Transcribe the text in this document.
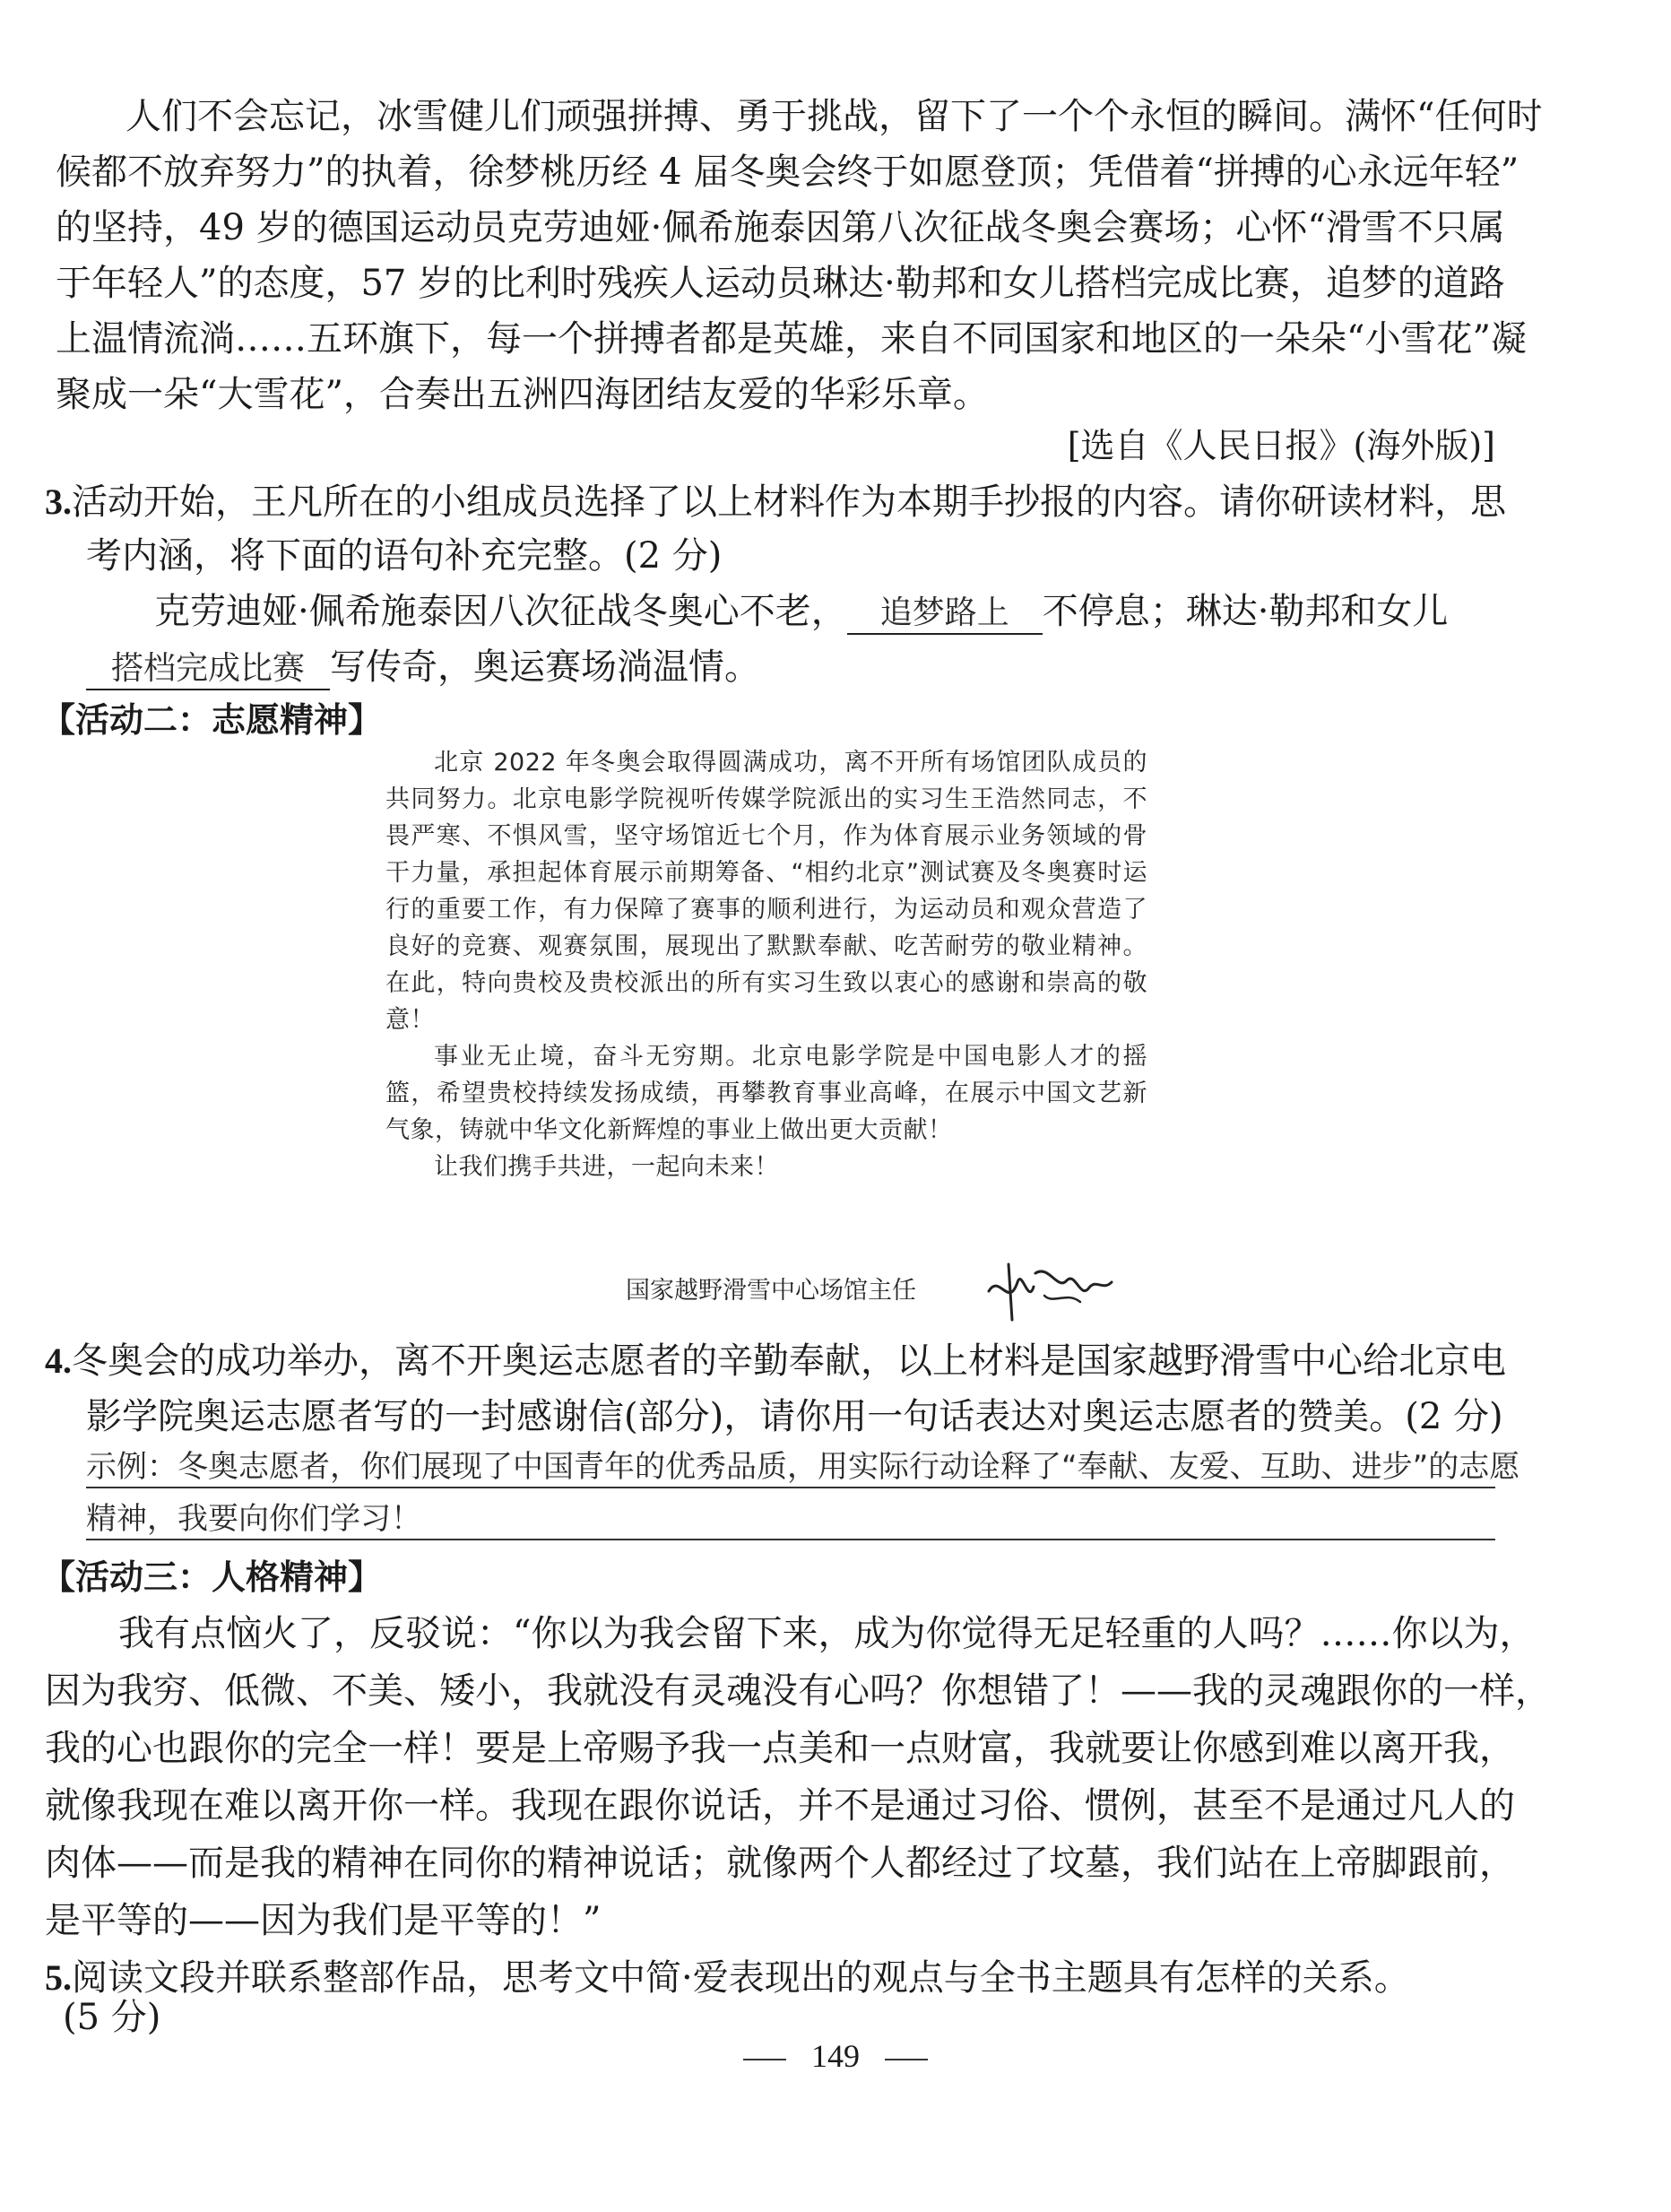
人们不会忘记，冰雪健儿们顽强拼搏、勇于挑战，留下了一个个永恒的瞬间。满怀“任何时
候都不放弃努力”的执着，徐梦桃历经 4 届冬奥会终于如愿登顶；凭借着“拼搏的心永远年轻”
的坚持，49 岁的德国运动员克劳迪娅·佩希施泰因第八次征战冬奥会赛场；心怀“滑雪不只属
于年轻人”的态度，57 岁的比利时残疾人运动员琳达·勒邦和女儿搭档完成比赛，追梦的道路
上温情流淌……五环旗下，每一个拼搏者都是英雄，来自不同国家和地区的一朵朵“小雪花”凝
聚成一朵“大雪花”，合奏出五洲四海团结友爱的华彩乐章。
[选自《人民日报》(海外版)]
3.活动开始，王凡所在的小组成员选择了以上材料作为本期手抄报的内容。请你研读材料，思
考内涵，将下面的语句补充完整。(2 分)
克劳迪娅·佩希施泰因八次征战冬奥心不老， 追梦路上 不停息；琳达·勒邦和女儿
搭档完成比赛 写传奇，奥运赛场淌温情。
【活动二：志愿精神】

北京 2022 年冬奥会取得圆满成功，离不开所有场馆团队成员的共同努力。北京电影学院视听传媒学院派出的实习生王浩然同志，不畏严寒、不惧风雪，坚守场馆近七个月，作为体育展示业务领域的骨干力量，承担起体育展示前期筹备、“相约北京”测试赛及冬奥赛时运行的重要工作，有力保障了赛事的顺利进行，为运动员和观众营造了良好的竞赛、观赛氛围，展现出了默默奉献、吃苦耐劳的敬业精神。在此，特向贵校及贵校派出的所有实习生致以衷心的感谢和崇高的敬意！

事业无止境，奋斗无穷期。北京电影学院是中国电影人才的摇篮，希望贵校持续发扬成绩，再攀教育事业高峰，在展示中国文艺新气象，铸就中华文化新辉煌的事业上做出更大贡献！

让我们携手共进，一起向未来！

国家越野滑雪中心场馆主任
4.冬奥会的成功举办，离不开奥运志愿者的辛勤奉献，以上材料是国家越野滑雪中心给北京电
影学院奥运志愿者写的一封感谢信(部分)，请你用一句话表达对奥运志愿者的赞美。(2 分)
示例：冬奥志愿者，你们展现了中国青年的优秀品质，用实际行动诠释了“奉献、友爱、互助、进步”的志愿
精神，我要向你们学习！
【活动三：人格精神】
我有点恼火了，反驳说：“你以为我会留下来，成为你觉得无足轻重的人吗？……你以为，
因为我穷、低微、不美、矮小，我就没有灵魂没有心吗？你想错了！——我的灵魂跟你的一样，
我的心也跟你的完全一样！要是上帝赐予我一点美和一点财富，我就要让你感到难以离开我，
就像我现在难以离开你一样。我现在跟你说话，并不是通过习俗、惯例，甚至不是通过凡人的
肉体——而是我的精神在同你的精神说话；就像两个人都经过了坟墓，我们站在上帝脚跟前，
是平等的——因为我们是平等的！”
5.阅读文段并联系整部作品，思考文中简·爱表现出的观点与全书主题具有怎样的关系。
(5 分)
149
